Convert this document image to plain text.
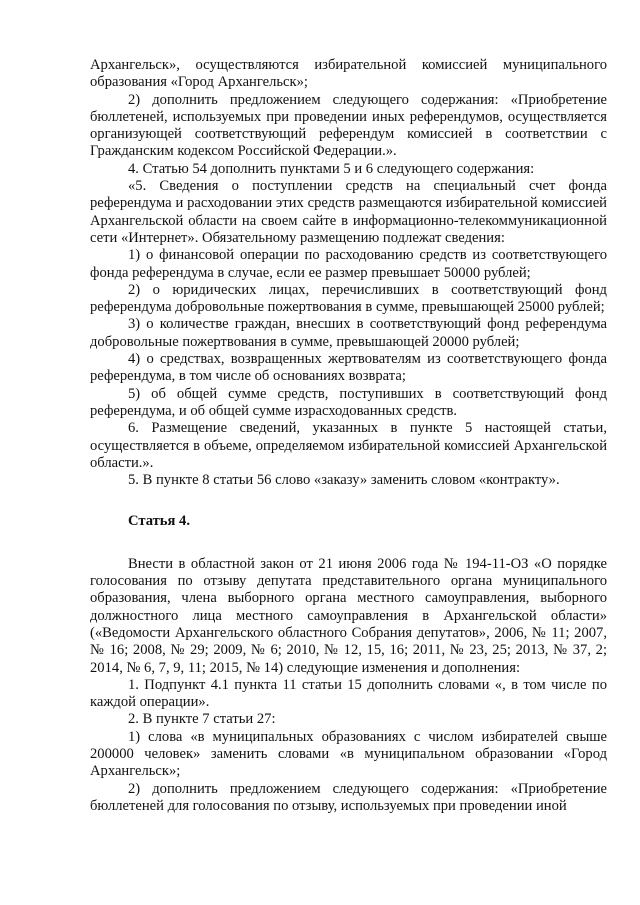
Архангельск», осуществляются избирательной комиссией муниципального образования «Город Архангельск»;

2) дополнить предложением следующего содержания: «Приобретение бюллетеней, используемых при проведении иных референдумов, осуществляется организующей соответствующий референдум комиссией в соответствии с Гражданским кодексом Российской Федерации.».

4. Статью 54 дополнить пунктами 5 и 6 следующего содержания:

«5. Сведения о поступлении средств на специальный счет фонда референдума и расходовании этих средств размещаются избирательной комиссией Архангельской области на своем сайте в информационно-телекоммуникационной сети «Интернет». Обязательному размещению подлежат сведения:

1) о финансовой операции по расходованию средств из соответствующего фонда референдума в случае, если ее размер превышает 50000 рублей;

2) о юридических лицах, перечисливших в соответствующий фонд референдума добровольные пожертвования в сумме, превышающей 25000 рублей;

3) о количестве граждан, внесших в соответствующий фонд референдума добровольные пожертвования в сумме, превышающей 20000 рублей;

4) о средствах, возвращенных жертвователям из соответствующего фонда референдума, в том числе об основаниях возврата;

5) об общей сумме средств, поступивших в соответствующий фонд референдума, и об общей сумме израсходованных средств.

6. Размещение сведений, указанных в пункте 5 настоящей статьи, осуществляется в объеме, определяемом избирательной комиссией Архангельской области.».

5. В пункте 8 статьи 56 слово «заказу» заменить словом «контракту».

Статья 4.

Внести в областной закон от 21 июня 2006 года № 194-11-ОЗ «О порядке голосования по отзыву депутата представительного органа муниципального образования, члена выборного органа местного самоуправления, выборного должностного лица местного самоуправления в Архангельской области» («Ведомости Архангельского областного Собрания депутатов», 2006, № 11; 2007, № 16; 2008, № 29; 2009, № 6; 2010, № 12, 15, 16; 2011, № 23, 25; 2013, № 37, 2; 2014, № 6, 7, 9, 11; 2015, № 14) следующие изменения и дополнения:

1. Подпункт 4.1 пункта 11 статьи 15 дополнить словами «, в том числе по каждой операции».

2. В пункте 7 статьи 27:

1) слова «в муниципальных образованиях с числом избирателей свыше 200000 человек» заменить словами «в муниципальном образовании «Город Архангельск»;

2) дополнить предложением следующего содержания: «Приобретение бюллетеней для голосования по отзыву, используемых при проведении иной
